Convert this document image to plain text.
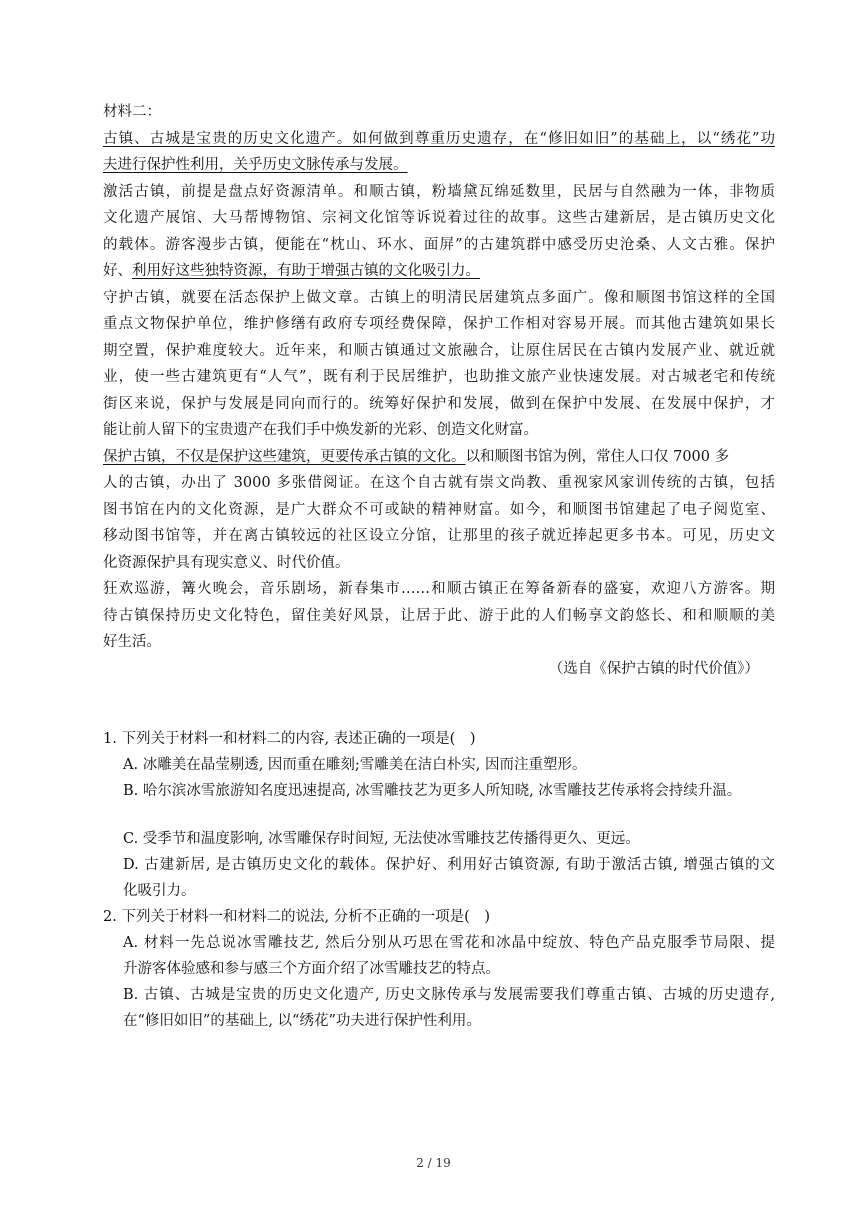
材料二：
古镇、古城是宝贵的历史文化遗产。如何做到尊重历史遗存，在“修旧如旧”的基础上，以“绣花”功
夫进行保护性利用，关乎历史文脉传承与发展。
激活古镇，前提是盘点好资源清单。和顺古镇，粉墙黛瓦绵延数里，民居与自然融为一体，非物质
文化遗产展馆、大马帮博物馆、宗祠文化馆等诉说着过往的故事。这些古建新居，是古镇历史文化
的载体。游客漫步古镇，便能在“枕山、环水、面屏”的古建筑群中感受历史沧桑、人文古雅。保护
好、利用好这些独特资源，有助于增强古镇的文化吸引力。
守护古镇，就要在活态保护上做文章。古镇上的明清民居建筑点多面广。像和顺图书馆这样的全国
重点文物保护单位，维护修缮有政府专项经费保障，保护工作相对容易开展。而其他古建筑如果长
期空置，保护难度较大。近年来，和顺古镇通过文旅融合，让原住居民在古镇内发展产业、就近就
业，使一些古建筑更有“人气”，既有利于民居维护，也助推文旅产业快速发展。对古城老宅和传统
街区来说，保护与发展是同向而行的。统筹好保护和发展，做到在保护中发展、在发展中保护，才
能让前人留下的宝贵遗产在我们手中焕发新的光彩、创造文化财富。
保护古镇，不仅是保护这些建筑，更要传承古镇的文化。以和顺图书馆为例，常住人口仅 7000 多
人的古镇，办出了 3000 多张借阅证。在这个自古就有崇文尚教、重视家风家训传统的古镇，包括
图书馆在内的文化资源，是广大群众不可或缺的精神财富。如今，和顺图书馆建起了电子阅览室、
移动图书馆等，并在离古镇较远的社区设立分馆，让那里的孩子就近捧起更多书本。可见，历史文
化资源保护具有现实意义、时代价值。
狂欢巡游，篝火晚会，音乐剧场，新春集市……和顺古镇正在筹备新春的盛宴，欢迎八方游客。期
待古镇保持历史文化特色，留住美好风景，让居于此、游于此的人们畅享文韵悠长、和和顺顺的美
好生活。
（选自《保护古镇的时代价值》）
1. 下列关于材料一和材料二的内容, 表述正确的一项是(　)
A. 冰雕美在晶莹剔透, 因而重在雕刻;雪雕美在洁白朴实, 因而注重塑形。
B. 哈尔滨冰雪旅游知名度迅速提高, 冰雪雕技艺为更多人所知晓, 冰雪雕技艺传承将会持续升温。
C. 受季节和温度影响, 冰雪雕保存时间短, 无法使冰雪雕技艺传播得更久、更远。
D. 古建新居, 是古镇历史文化的载体。保护好、利用好古镇资源, 有助于激活古镇, 增强古镇的文
化吸引力。
2. 下列关于材料一和材料二的说法, 分析不正确的一项是(　)
A. 材料一先总说冰雪雕技艺, 然后分别从巧思在雪花和冰晶中绽放、特色产品克服季节局限、提
升游客体验感和参与感三个方面介绍了冰雪雕技艺的特点。
B. 古镇、古城是宝贵的历史文化遗产, 历史文脉传承与发展需要我们尊重古镇、古城的历史遗存,
在“修旧如旧”的基础上, 以“绣花”功夫进行保护性利用。
2 / 19
